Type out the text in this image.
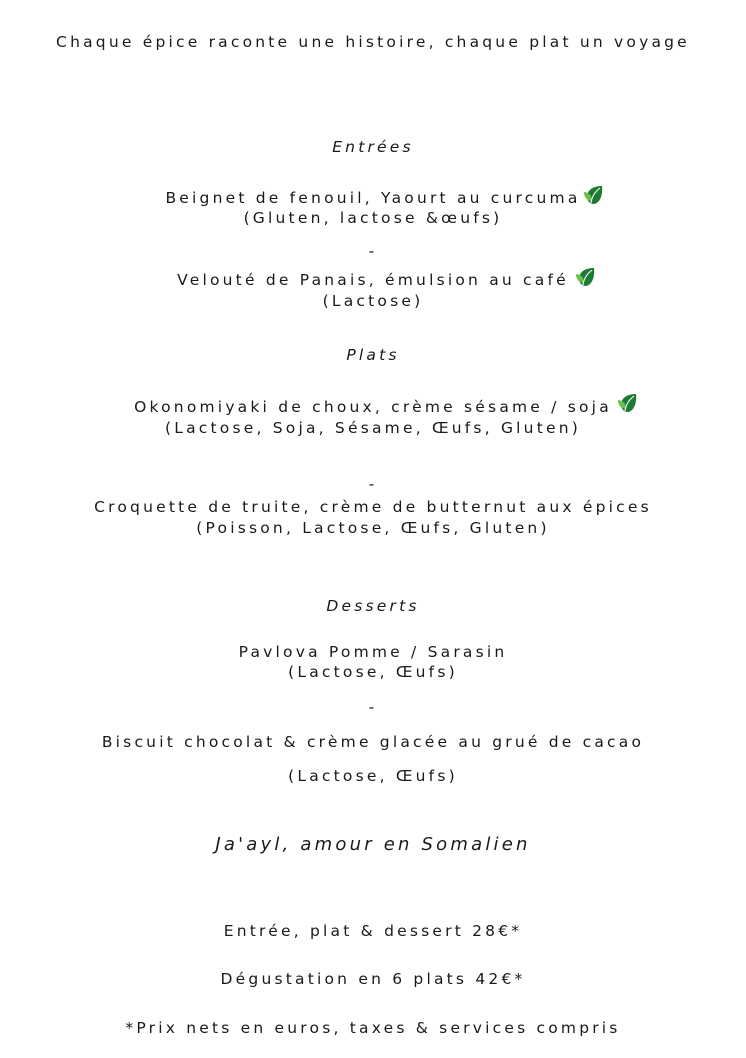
Chaque épice raconte une histoire, chaque plat un voyage
Entrées
Beignet de fenouil, Yaourt au curcuma
(Gluten, lactose &œufs)
-
Velouté de Panais, émulsion au café
(Lactose)
Plats
Okonomiyaki de choux, crème sésame / soja
(Lactose, Soja, Sésame, Œufs, Gluten)
-
Croquette de truite, crème de butternut aux épices
(Poisson, Lactose, Œufs, Gluten)
Desserts
Pavlova Pomme / Sarasin
(Lactose, Œufs)
-
Biscuit chocolat & crème glacée au grué de cacao
(Lactose, Œufs)
Ja'ayl, amour en Somalien
Entrée, plat & dessert 28€*
Dégustation en 6 plats 42€*
*Prix nets en euros, taxes & services compris
